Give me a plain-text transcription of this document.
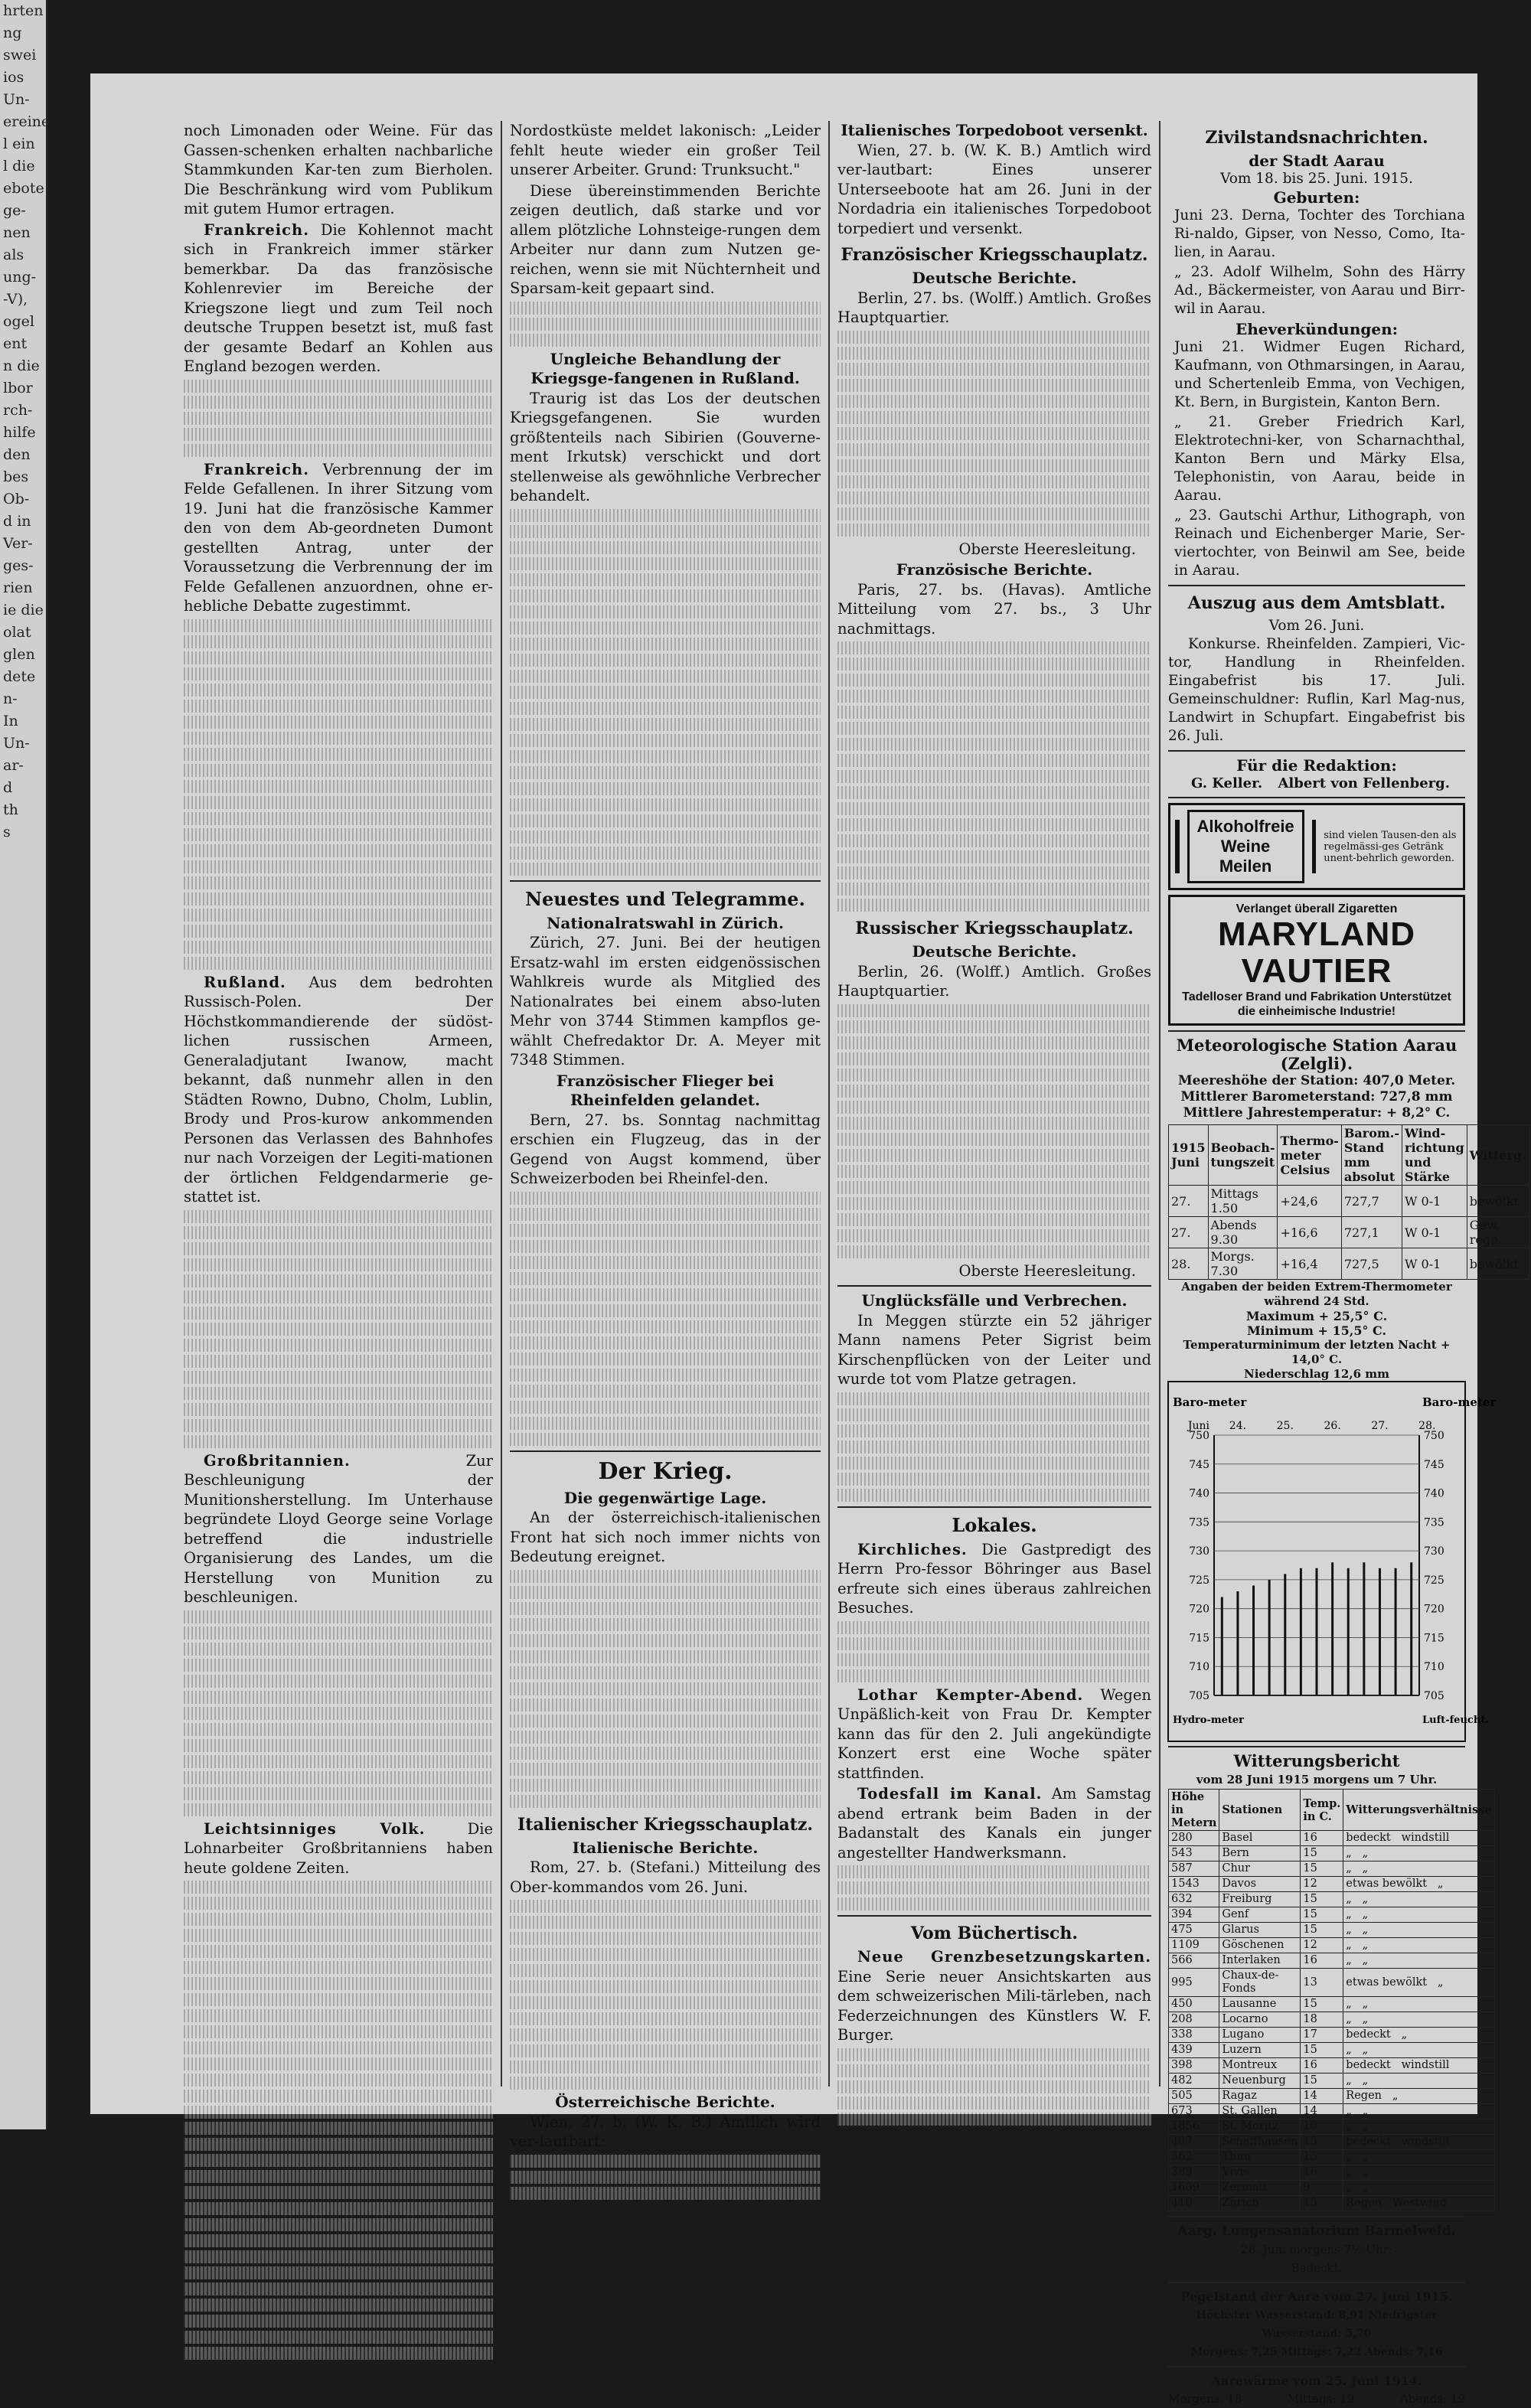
hrten
ng
swei
ios
Un-
ereine
l ein
l die
ebote
ge-
nen
als
ung-
-V),
ogel
ent
n die
lbor
rch-
hilfe
den
bes
Ob-
d in
Ver-
ges-
rien
ie die
olat
glen
dete
n-
In
Un-
ar-
d
th
s

noch Limonaden oder Weine. Für das Gassen-schenken erhalten nachbarliche Stammkunden Kar-ten zum Bierholen. Die Beschränkung wird vom Publikum mit gutem Humor ertragen.

Frankreich. Die Kohlennot macht sich in Frankreich immer stärker bemerkbar. Da das französische Kohlenrevier im Bereiche der Kriegszone liegt und zum Teil noch deutsche Truppen besetzt ist, muß fast der gesamte Bedarf an Kohlen aus England bezogen werden.

Frankreich. Verbrennung der im Felde Gefallenen. In ihrer Sitzung vom 19. Juni hat die französische Kammer den von dem Ab-geordneten Dumont gestellten Antrag, unter der Voraussetzung die Verbrennung der im Felde Gefallenen anzuordnen, ohne er-hebliche Debatte zugestimmt.

Rußland. Aus dem bedrohten Russisch-Polen. Der Höchstkommandierende der südöst-lichen russischen Armeen, Generaladjutant Iwanow, macht bekannt, daß nunmehr allen in den Städten Rowno, Dubno, Cholm, Lublin, Brody und Pros-kurow ankommenden Personen das Verlassen des Bahnhofes nur nach Vorzeigen der Legiti-mationen der örtlichen Feldgendarmerie ge-stattet ist.

Großbritannien.	Zur Beschleunigung der Munitionsherstellung. Im Unterhause begründete Lloyd George seine Vorlage betreffend die industrielle Organisierung des Landes, um die Herstellung von Munition zu beschleunigen.

Leichtsinniges Volk.	Die Lohnarbeiter Großbritanniens haben heute goldene Zeiten.

Nordostküste meldet lakonisch: „Leider fehlt heute wieder ein großer Teil unserer Arbeiter. Grund: Trunksucht."

Diese übereinstimmenden Berichte zeigen deutlich, daß starke und vor allem plötzliche Lohnsteige-rungen dem Arbeiter nur dann zum Nutzen ge-reichen, wenn sie mit Nüchternheit und Sparsam-keit gepaart sind.

Ungleiche Behandlung der Kriegsge-fangenen in Rußland.

Traurig ist das Los der deutschen Kriegsgefangenen. Sie wurden größtenteils nach Sibirien (Gouverne-ment Irkutsk) verschickt und dort stellenweise als gewöhnliche Verbrecher behandelt.

Neuestes und Telegramme.
Nationalratswahl in Zürich.

Zürich, 27. Juni. Bei der heutigen Ersatz-wahl im ersten eidgenössischen Wahlkreis wurde als Mitglied des Nationalrates bei einem abso-luten Mehr von 3744 Stimmen kampflos ge-wählt Chefredaktor Dr. A. Meyer mit 7348 Stimmen.

Französischer Flieger bei Rheinfelden gelandet.

Bern, 27. bs. Sonntag nachmittag erschien ein Flugzeug, das in der Gegend von Augst kommend, über Schweizerboden bei Rheinfel-den.

Der Krieg.
Die gegenwärtige Lage.

An der österreichisch-italienischen Front hat sich noch immer nichts von Bedeutung ereignet.

Italienischer Kriegsschauplatz.
Italienische Berichte.

Rom, 27. b. (Stefani.) Mitteilung des Ober-kommandos vom 26. Juni.

Österreichische Berichte.

Wien, 27. b. (W. K. B.) Amtlich wird ver-lautbart:

Italienisches Torpedoboot versenkt.

Wien, 27. b. (W. K. B.) Amtlich wird ver-lautbart: Eines unserer Unterseeboote hat am 26. Juni in der Nordadria ein italienisches Torpedoboot torpediert und versenkt.

Französischer Kriegsschauplatz.
Deutsche Berichte.

Berlin, 27. bs. (Wolff.) Amtlich. Großes Hauptquartier.

Oberste Heeresleitung.

Französische Berichte.

Paris, 27. bs. (Havas). Amtliche Mitteilung vom 27. bs., 3 Uhr nachmittags.

Russischer Kriegsschauplatz.
Deutsche Berichte.

Berlin, 26. (Wolff.) Amtlich. Großes Hauptquartier.

Oberste Heeresleitung.

Unglücksfälle und Verbrechen.

In Meggen stürzte ein 52 jähriger Mann namens Peter Sigrist beim Kirschenpflücken von der Leiter und wurde tot vom Platze getragen.

Lokales.

Kirchliches. Die Gastpredigt des Herrn Pro-fessor Böhringer aus Basel erfreute sich eines überaus zahlreichen Besuches.

Lothar Kempter-Abend. Wegen Unpäßlich-keit von Frau Dr. Kempter kann das für den 2. Juli angekündigte Konzert erst eine Woche später stattfinden.

Todesfall im Kanal. Am Samstag abend ertrank beim Baden in der Badanstalt des Kanals ein junger angestellter Handwerksmann.

Vom Büchertisch.

Neue Grenzbesetzungskarten. Eine Serie neuer Ansichtskarten aus dem schweizerischen Mili-tärleben, nach Federzeichnungen des Künstlers W. F. Burger.

Zivilstandsnachrichten.
der Stadt Aarau
Vom 18. bis 25. Juni. 1915.
Geburten:

Juni 23. Derna, Tochter des Torchiana Ri-naldo, Gipser, von Nesso, Como, Ita-lien, in Aarau.

„ 23. Adolf Wilhelm, Sohn des Härry Ad., Bäckermeister, von Aarau und Birr-wil in Aarau.

Eheverkündungen:

Juni 21. Widmer Eugen Richard, Kaufmann, von Othmarsingen, in Aarau, und Schertenleib Emma, von Vechigen, Kt. Bern, in Burgistein, Kanton Bern.

„ 21. Greber Friedrich Karl, Elektrotechni-ker, von Scharnachthal, Kanton Bern und Märky Elsa, Telephonistin, von Aarau, beide in Aarau.

„ 23. Gautschi Arthur, Lithograph, von Reinach und Eichenberger Marie, Ser-viertochter, von Beinwil am See, beide in Aarau.

Auszug aus dem Amtsblatt.
Vom 26. Juni.

Konkurse. Rheinfelden. Zampieri, Vic-tor, Handlung in Rheinfelden. Eingabefrist bis 17. Juli. Gemeinschuldner: Ruflin, Karl Mag-nus, Landwirt in Schupfart. Eingabefrist bis 26. Juli.

Für die Redaktion:
G. Keller. Albert von Fellenberg.
Alkoholfreie Weine Meilen
sind vielen Tausen-den als regelmässi-ges Getränk unent-behrlich geworden.
Verlanget überall Zigaretten
MARYLAND VAUTIER
Tadelloser Brand und Fabrikation Unterstützet die einheimische Industrie!
Meteorologische Station Aarau (Zelgli).
Meereshöhe der Station: 407,0 Meter.
Mittlerer Barometerstand: 727,8 mm
Mittlere Jahrestemperatur: + 8,2° C.
1915 Juni	Beobach-tungszeit	Thermo-meter Celsius	Barom.-Stand mm absolut	Wind-richtung und Stärke	Witterg.
27.	Mittags 1.50	+24,6	727,7	W 0-1	bewölkt
27.	Abends 9.30	+16,6	727,1	W 0-1	Gew. regn.
28.	Morgs. 7.30	+16,4	727,5	W 0-1	bewölkt
Angaben der beiden Extrem-Thermometer während 24 Std.
Maximum + 25,5° C.
Minimum + 15,5° C.
Temperaturminimum der letzten Nacht + 14,0° C.
Niederschlag 12,6 mm
Baro-meter	Baro-meter
Hydro-meter	Luft-feucht.
705
710
715
720
725
730
735
740
745
750
705
710
715
720
725
730
735
740
745
750
Juni 24.	25.	26.	27.	28.
Witterungsbericht
vom 28 Juni 1915 morgens um 7 Uhr.
Höhe in Metern	Stationen	Temp. in C.	Witterungsverhältnisse
280	Basel	16	bedeckt   windstill
543	Bern	15	„   „
587	Chur	15	„   „
1543	Davos	12	etwas bewölkt   „
632	Freiburg	15	„   „
394	Genf	15	„   „
475	Glarus	15	„   „
1109	Göschenen	12	„   „
566	Interlaken	16	„   „
995	Chaux-de-Fonds	13	etwas bewölkt   „
450	Lausanne	15	„   „
208	Locarno	18	„   „
338	Lugano	17	bedeckt   „
439	Luzern	15	„   „
398	Montreux	16	bedeckt   windstill
482	Neuenburg	15	„   „
505	Ragaz	14	Regen   „
673	St. Gallen	14	„   „
1856	St. Moritz	10	„   „
407	Schaffhausen	15	bedeckt   windstill
562	Thun	15	„   „
389	Vivis	16	„   „
1609	Zermatt	9	„   „
410	Zürich	15	Regen   Westwind
Aarg. Lungensanatorium Barmelweid.
28. Juni morgens 7½ Uhr:
Bedeckt.
Pegelstand der Aare vom 27. Juni 1915.
Höchster Wasserstand: 8,91 Niedrigster Wasserstand: 5,70
Morgens: 7,25 Mittags: 7,22 Abends: 7,16
Aarewärme vom 25. Juni 1914.
Morgens: 18	Mittags: 19	Abends: 19
